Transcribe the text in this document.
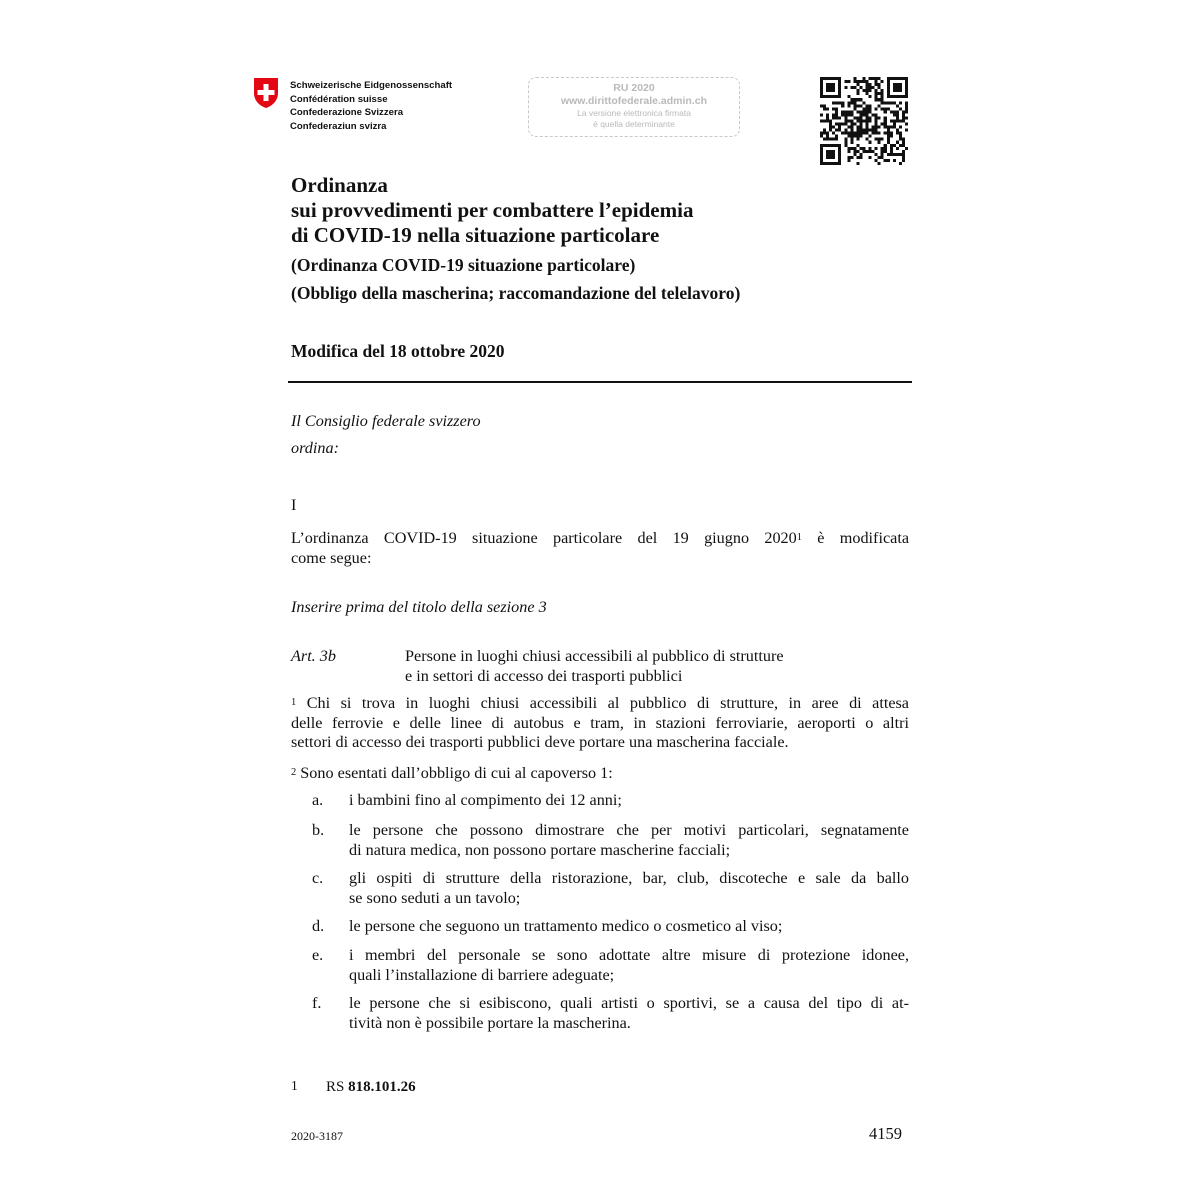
Schweizerische Eidgenossenschaft
Confédération suisse
Confederazione Svizzera
Confederaziun svizra
RU 2020
www.dirittofederale.admin.ch
La versione elettronica firmata
è quella determinante
Ordinanza
sui provvedimenti per combattere l’epidemia
di COVID-19 nella situazione particolare
(Ordinanza COVID-19 situazione particolare)
(Obbligo della mascherina; raccomandazione del telelavoro)
Modifica del 18 ottobre 2020
Il Consiglio federale svizzero
ordina:
I
L’ordinanza COVID-19 situazione particolare del 19 giugno 2020$^1$ è modificata
come segue:
Inserire prima del titolo della sezione 3
Art. 3b	Persone in luoghi chiusi accessibili al pubblico di strutture
e in settori di accesso dei trasporti pubblici
$^1$ Chi si trova in luoghi chiusi accessibili al pubblico di strutture, in aree di attesa
delle ferrovie e delle linee di autobus e tram, in stazioni ferroviarie, aeroporti o altri
settori di accesso dei trasporti pubblici deve portare una mascherina facciale.
$^2$ Sono esentati dall’obbligo di cui al capoverso 1:
a. i bambini fino al compimento dei 12 anni;
b. le persone che possono dimostrare che per motivi particolari, segnatamente
di natura medica, non possono portare mascherine facciali;
c. gli ospiti di strutture della ristorazione, bar, club, discoteche e sale da ballo
se sono seduti a un tavolo;
d. le persone che seguono un trattamento medico o cosmetico al viso;
e. i membri del personale se sono adottate altre misure di protezione idonee,
quali l’installazione di barriere adeguate;
f. le persone che si esibiscono, quali artisti o sportivi, se a causa del tipo di at-
tività non è possibile portare la mascherina.
1 RS 818.101.26
2020-3187	4159
